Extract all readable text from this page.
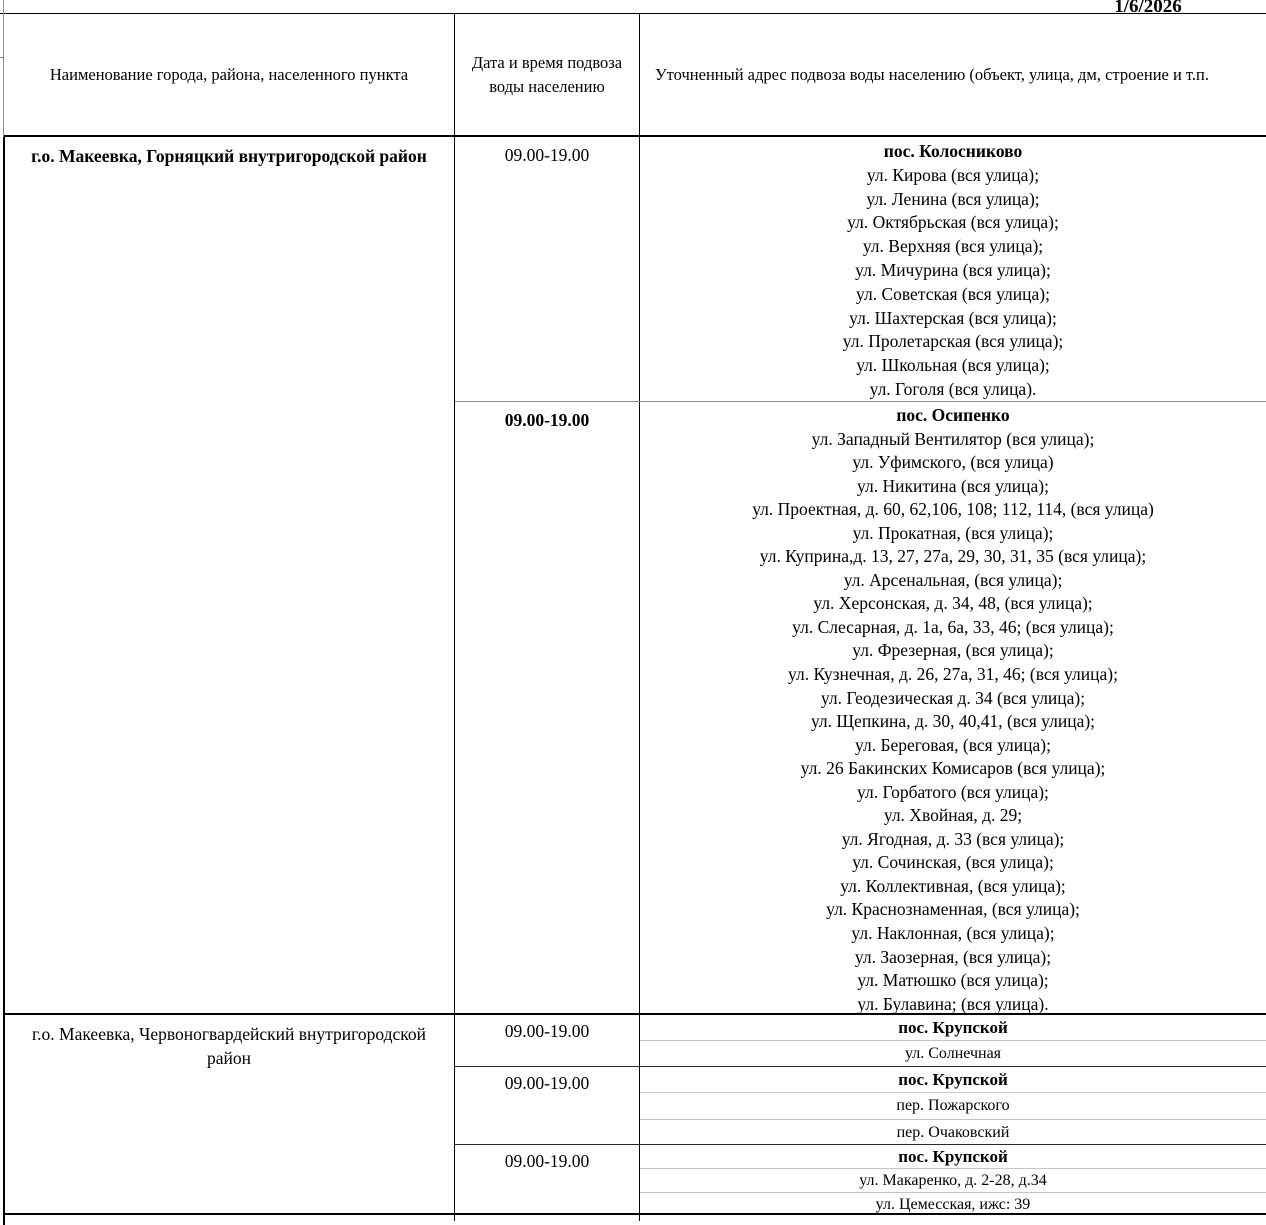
1/6/2026
Наименование города, района, населенного пункта
Дата и время подвоза воды населению
Уточненный адрес подвоза воды населению (объект, улица, дм, строение и т.п.
г.о. Макеевка, Горняцкий внутригородской район	09.00-19.00	пос. Колосниково
ул. Кирова (вся улица);
ул. Ленина (вся улица);
ул. Октябрьская (вся улица);
ул. Верхняя (вся улица);
ул. Мичурина (вся улица);
ул. Советская (вся улица);
ул. Шахтерская (вся улица);
ул. Пролетарская (вся улица);
ул. Школьная (вся улица);
ул. Гоголя (вся улица).
09.00-19.00	пос. Осипенко
ул. Западный Вентилятор (вся улица);
ул. Уфимского, (вся улица)
ул. Никитина (вся улица);
ул. Проектная, д. 60, 62,106, 108; 112, 114, (вся улица)
ул. Прокатная, (вся улица);
ул. Куприна,д. 13, 27, 27а, 29, 30, 31, 35 (вся улица);
ул. Арсенальная, (вся улица);
ул. Херсонская, д. 34, 48, (вся улица);
ул. Слесарная, д. 1а, 6а, 33, 46; (вся улица);
ул. Фрезерная, (вся улица);
ул. Кузнечная, д. 26, 27а, 31, 46; (вся улица);
ул. Геодезическая д. 34 (вся улица);
ул. Щепкина, д. 30, 40,41, (вся улица);
ул. Береговая, (вся улица);
ул. 26 Бакинских Комисаров (вся улица);
ул. Горбатого (вся улица);
ул. Хвойная, д. 29;
ул. Ягодная, д. 33 (вся улица);
ул. Сочинская, (вся улица);
ул. Коллективная, (вся улица);
ул. Краснознаменная, (вся улица);
ул. Наклонная, (вся улица);
ул. Заозерная, (вся улица);
ул. Матюшко (вся улица);
ул. Булавина; (вся улица).
г.о. Макеевка, Червоногвардейский внутригородской район
09.00-19.00	пос. Крупской
ул. Солнечная
09.00-19.00	пос. Крупской
пер. Пожарского
пер. Очаковский
09.00-19.00	пос. Крупской
ул. Макаренко, д. 2-28, д.34
ул. Цемесская, ижс: 39
